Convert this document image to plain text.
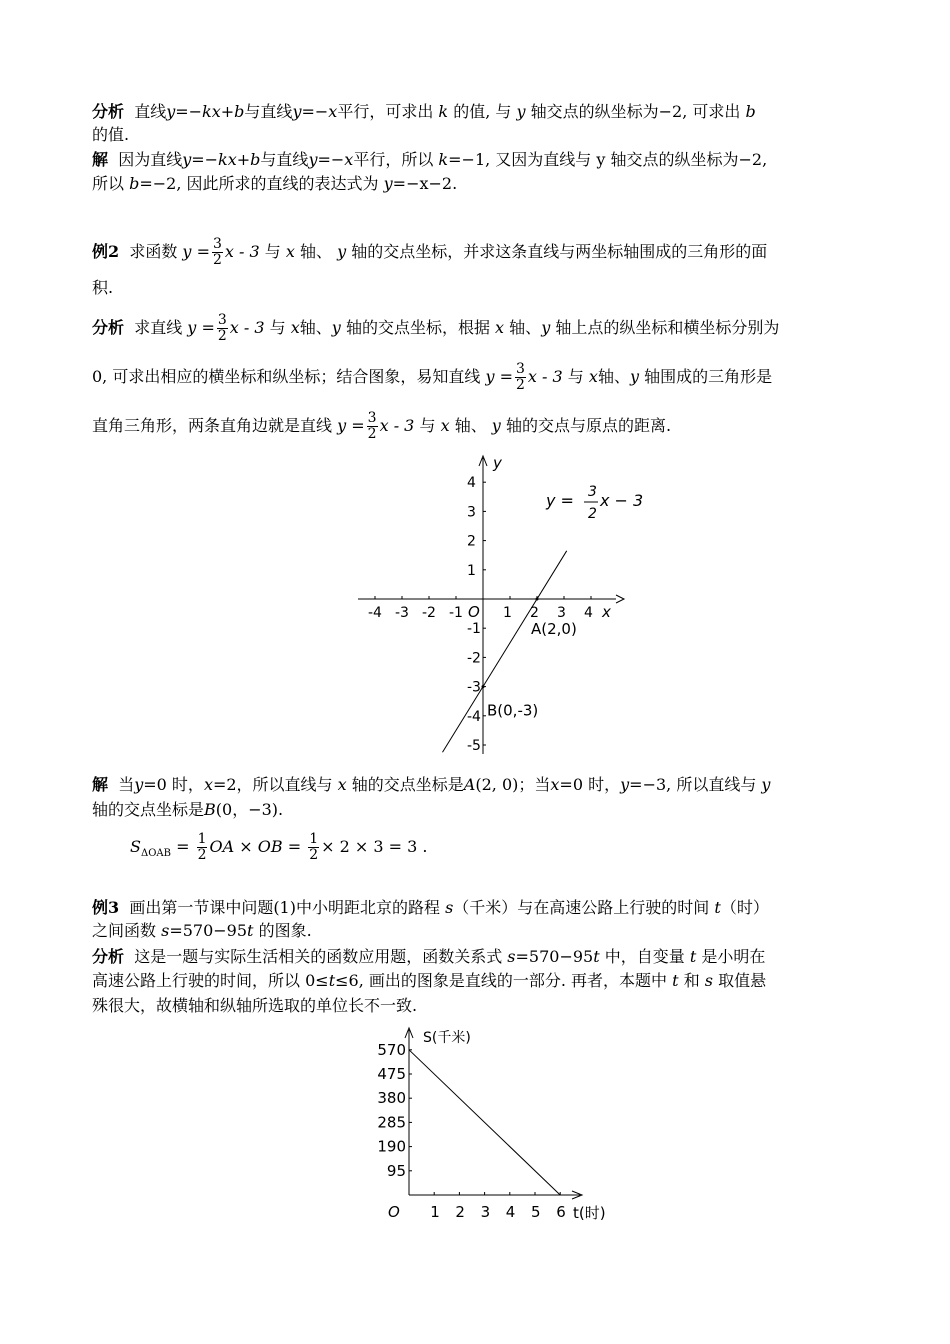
分析 直线y=−kx+b与直线y=−x平行，可求出 k 的值, 与 y 轴交点的纵坐标为−2, 可求出 b
的值.
解 因为直线y=−kx+b与直线y=−x平行，所以 k=−1, 又因为直线与 y 轴交点的纵坐标为−2,
所以 b=−2, 因此所求的直线的表达式为 y=−x−2.
例2 求函数 $y = \frac{3}{2}$ x - 3 与 x 轴、 y 轴的交点坐标，并求这条直线与两坐标轴围成的三角形的面
积.
分析 求直线 $y = \frac{3}{2}$ x - 3 与 x轴、y 轴的交点坐标，根据 x 轴、y 轴上点的纵坐标和横坐标分别为
0, 可求出相应的横坐标和纵坐标；结合图象，易知直线 $y = \frac{3}{2}$ x - 3 与 x轴、y 轴围成的三角形是
直角三角形，两条直角边就是直线 $y = \frac{3}{2}$ x - 3 与 x 轴、 y 轴的交点与原点的距离.
x
y
O
-4 -3 -2 -1	1 2 3 4
4
3
2
1
-1
-2
-3
-4
-5
A(2,0)
B(0,-3)
y = 3
2
x − 3
解 当y=0 时，x=2，所以直线与 x 轴的交点坐标是A(2, 0)；当x=0 时，y=−3, 所以直线与 y
轴的交点坐标是B(0，−3).
$S_{\Delta OAB} = \frac{1}{2}$ OA × OB = $\frac{1}{2} \times 2 \times 3 = 3$ .
例3 画出第一节课中问题(1)中小明距北京的路程 s（千米）与在高速公路上行驶的时间 t（时）
之间函数 s=570−95t 的图象.
分析 这是一题与实际生活相关的函数应用题，函数关系式 s=570−95t 中，自变量 t 是小明在
高速公路上行驶的时间，所以 0≤t≤6, 画出的图象是直线的一部分. 再者，本题中 t 和 s 取值悬
殊很大，故横轴和纵轴所选取的单位长不一致.
S(千米)
t(时)
O 1 2 3 4 5 6
95
190
285
380
475
570
